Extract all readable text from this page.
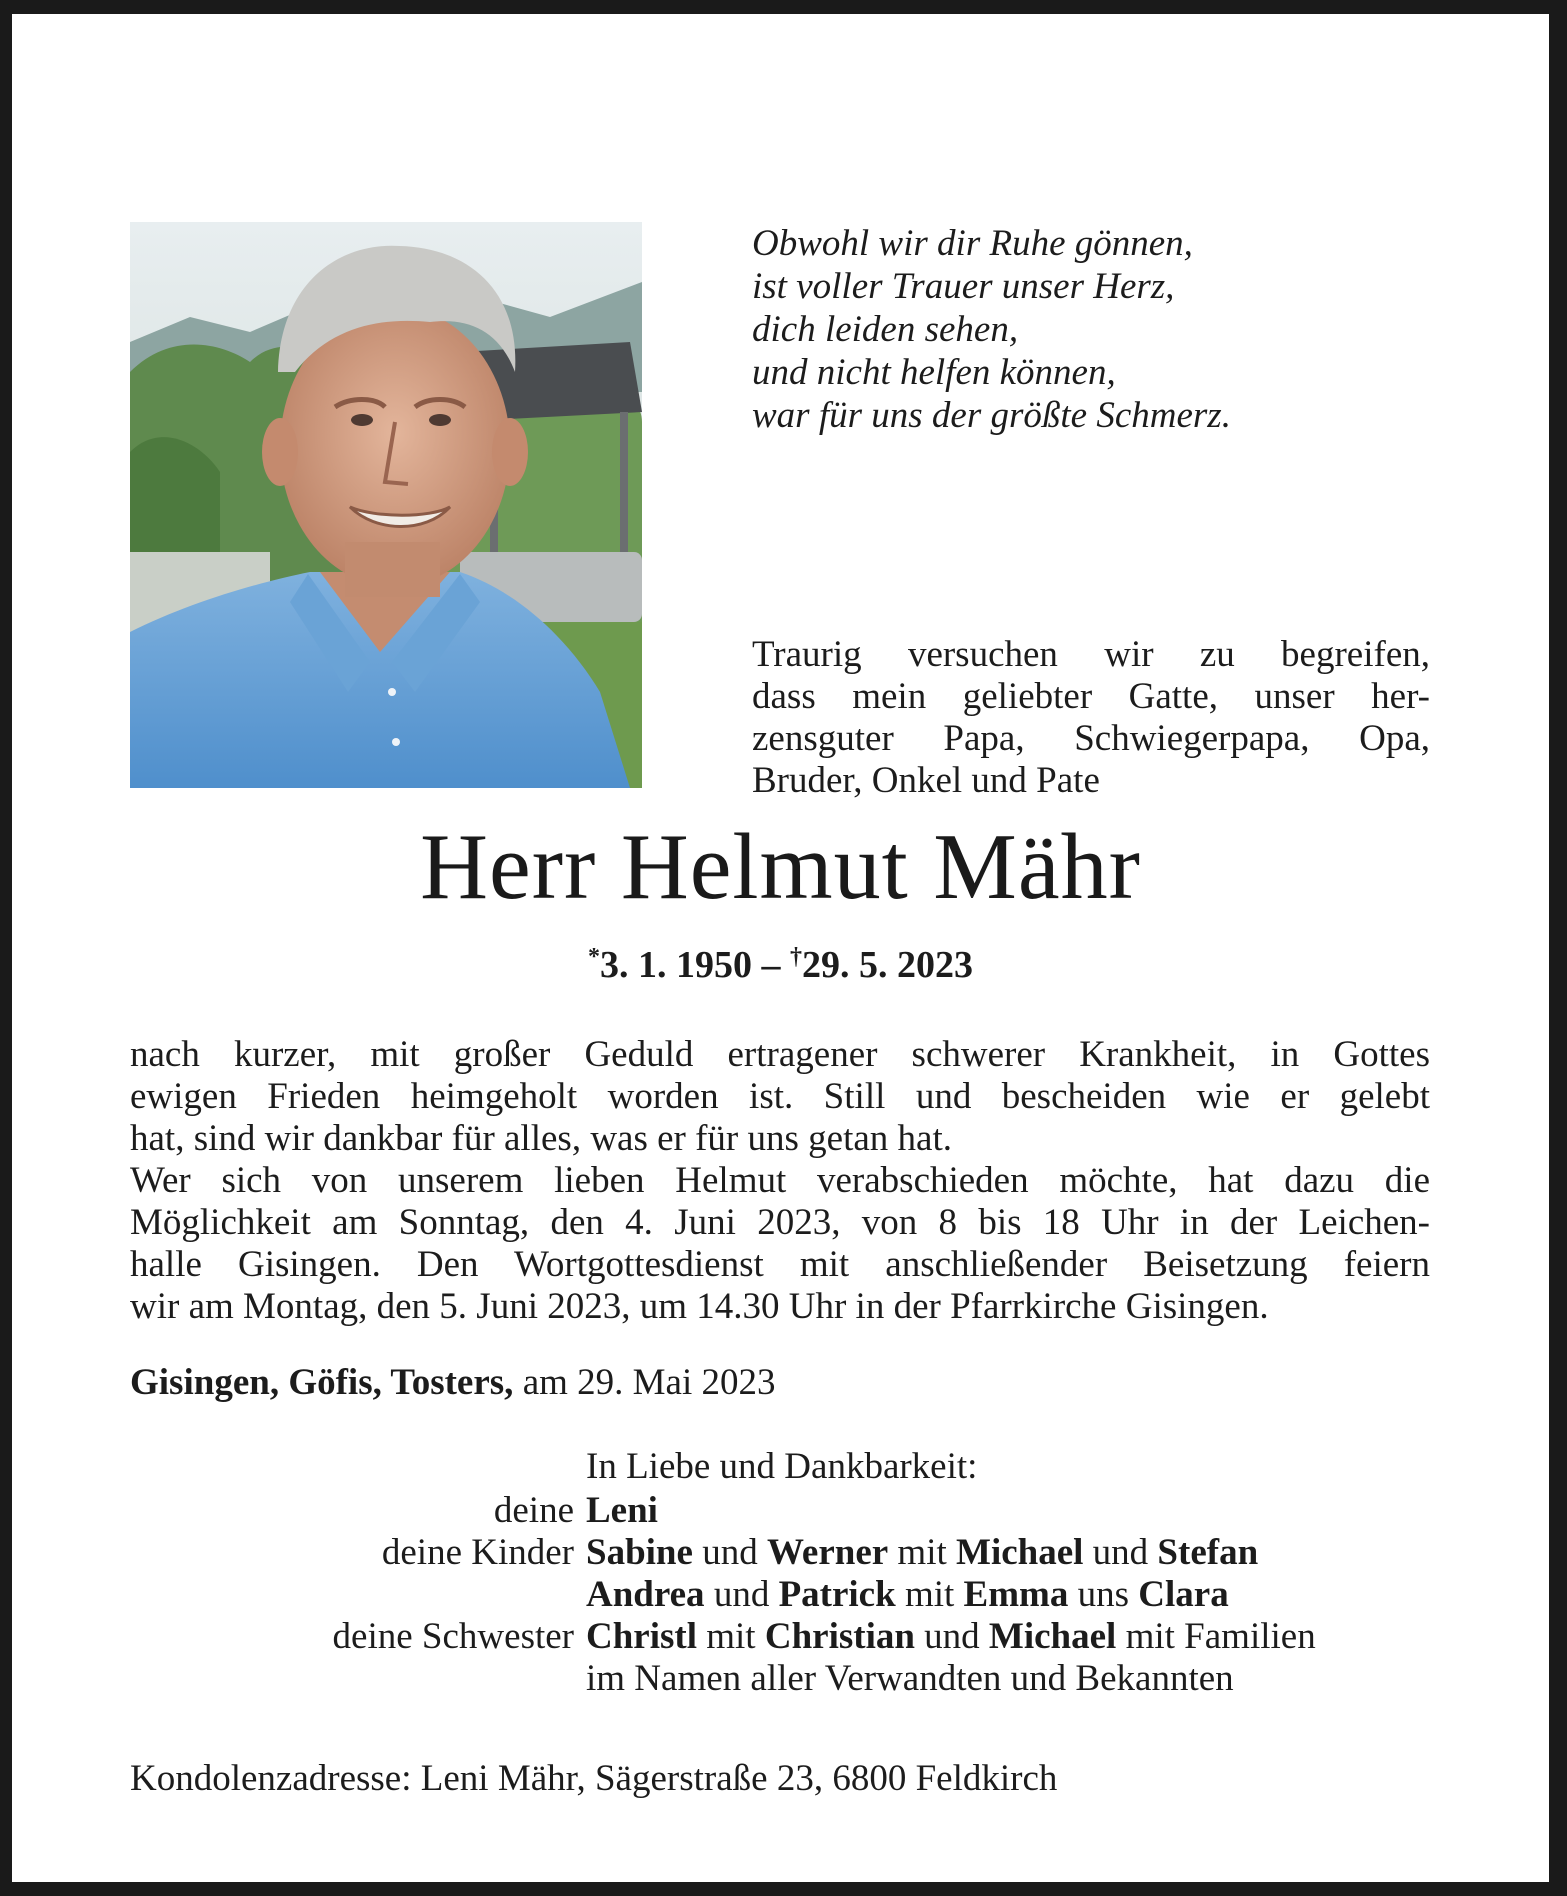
Obwohl wir dir Ruhe gönnen,
ist voller Trauer unser Herz,
dich leiden sehen,
und nicht helfen können,
war für uns der größte Schmerz.
Traurig versuchen wir zu begreifen,
dass mein geliebter Gatte, unser her-
zensguter Papa, Schwiegerpapa, Opa,
Bruder, Onkel und Pate
Herr Helmut Mähr
*3. 1. 1950 – †29. 5. 2023
nach kurzer, mit großer Geduld ertragener schwerer Krankheit, in Gottes
ewigen Frieden heimgeholt worden ist. Still und bescheiden wie er gelebt
hat, sind wir dankbar für alles, was er für uns getan hat.
Wer sich von unserem lieben Helmut verabschieden möchte, hat dazu die
Möglichkeit am Sonntag, den 4. Juni 2023, von 8 bis 18 Uhr in der Leichen-
halle Gisingen. Den Wortgottesdienst mit anschließender Beisetzung feiern
wir am Montag, den 5. Juni 2023, um 14.30 Uhr in der Pfarrkirche Gisingen.
Gisingen, Göfis, Tosters, am 29. Mai 2023
In Liebe und Dankbarkeit:
deine Leni
deine Kinder Sabine und Werner mit Michael und Stefan
Andrea und Patrick mit Emma uns Clara
deine Schwester Christl mit Christian und Michael mit Familien
im Namen aller Verwandten und Bekannten
Kondolenzadresse: Leni Mähr, Sägerstraße 23, 6800 Feldkirch
